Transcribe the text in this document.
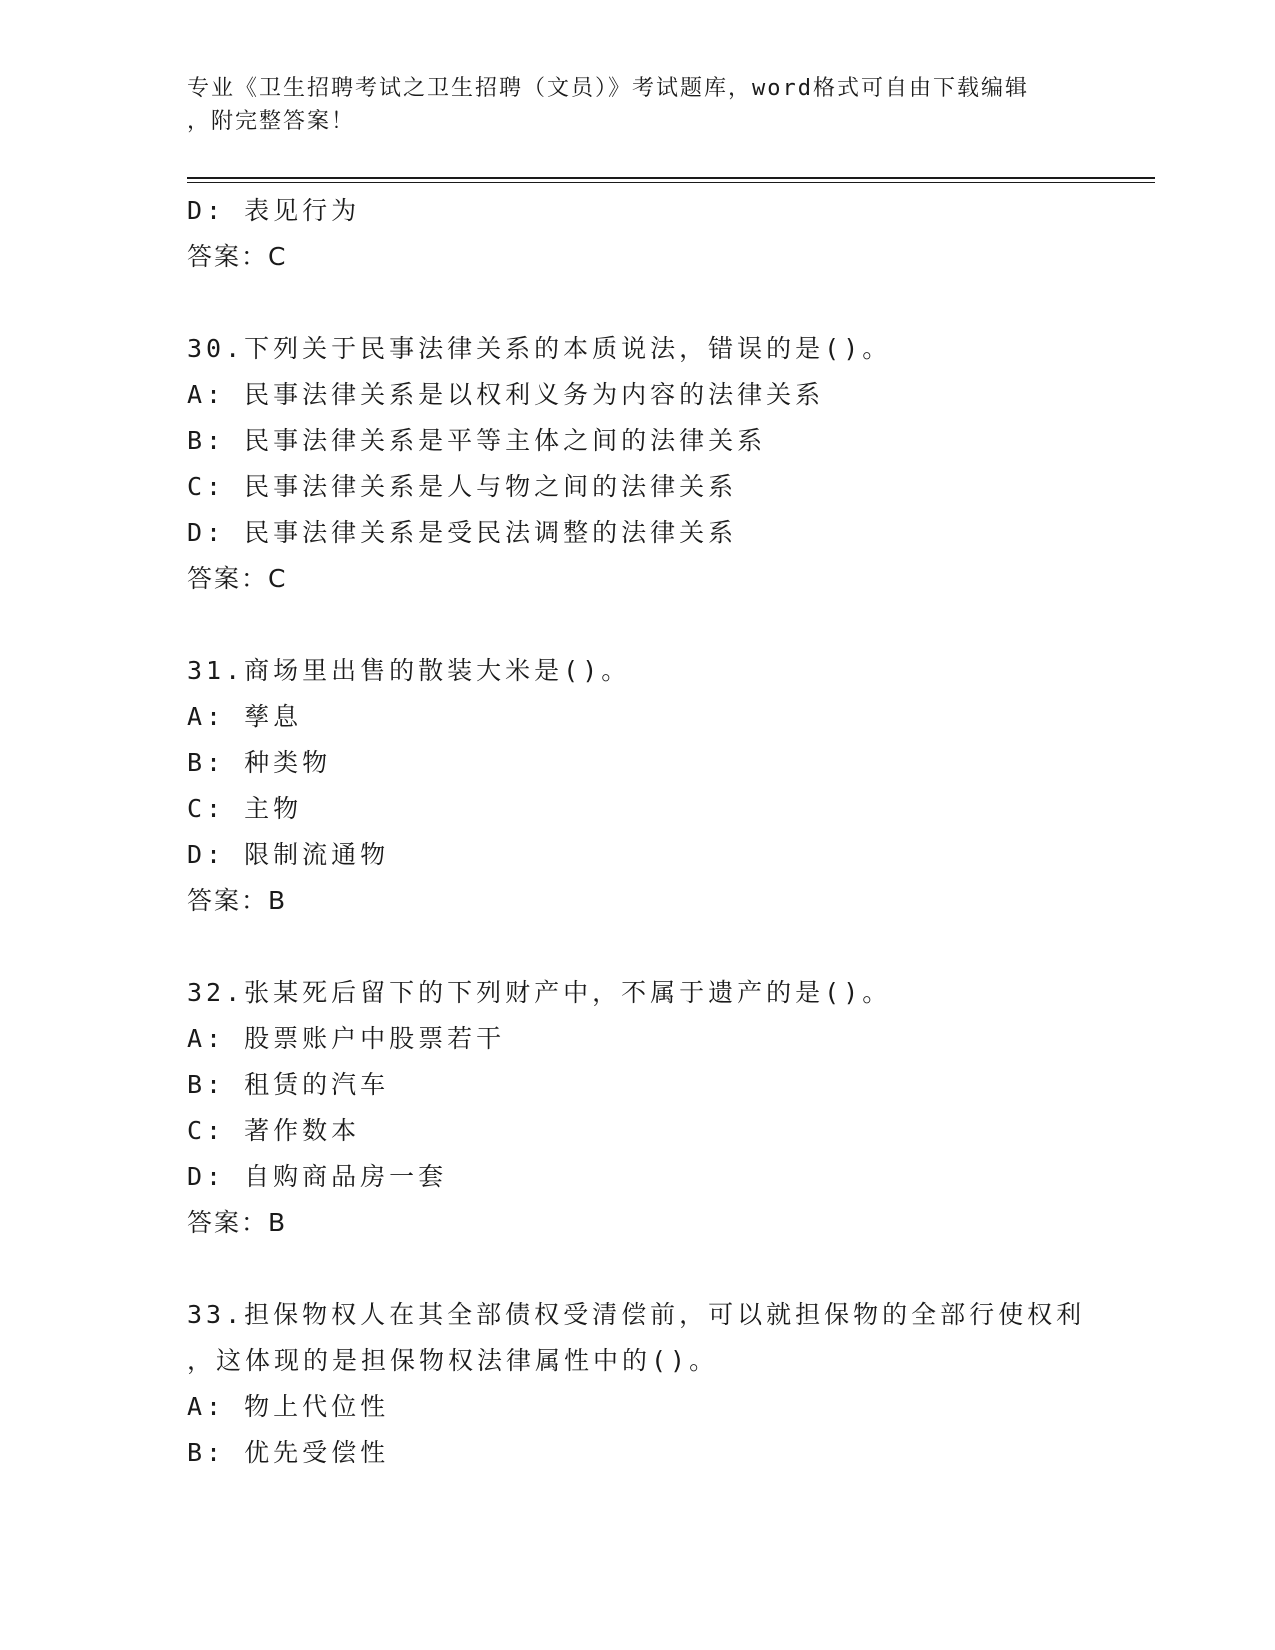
专业《卫生招聘考试之卫生招聘（文员）》考试题库，word格式可自由下载编辑
，附完整答案！
D: 表见行为
答案：C
30.下列关于民事法律关系的本质说法，错误的是()。
A: 民事法律关系是以权利义务为内容的法律关系
B: 民事法律关系是平等主体之间的法律关系
C: 民事法律关系是人与物之间的法律关系
D: 民事法律关系是受民法调整的法律关系
答案：C
31.商场里出售的散装大米是()。
A: 孳息
B: 种类物
C: 主物
D: 限制流通物
答案：B
32.张某死后留下的下列财产中，不属于遗产的是()。
A: 股票账户中股票若干
B: 租赁的汽车
C: 著作数本
D: 自购商品房一套
答案：B
33.担保物权人在其全部债权受清偿前，可以就担保物的全部行使权利
，这体现的是担保物权法律属性中的()。
A: 物上代位性
B: 优先受偿性
